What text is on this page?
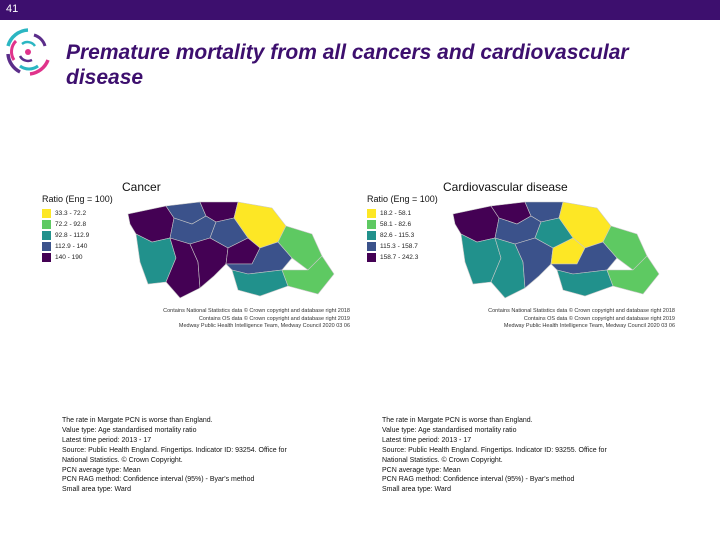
41
Premature mortality from all cancers and cardiovascular disease
Cancer
Ratio (Eng = 100)
33.3 - 72.2
72.2 - 92.8
92.8 - 112.9
112.9 - 140
140 - 190
Contains National Statistics data © Crown copyright and database right 2018
Contains OS data © Crown copyright and database right 2019
Medway Public Health Intelligence Team, Medway Council 2020 03 06
Cardiovascular disease
Ratio (Eng = 100)
18.2 - 58.1
58.1 - 82.6
82.6 - 115.3
115.3 - 158.7
158.7 - 242.3
Contains National Statistics data © Crown copyright and database right 2018
Contains OS data © Crown copyright and database right 2019
Medway Public Health Intelligence Team, Medway Council 2020 03 06
The rate in Margate PCN is worse than England.
Value type: Age standardised mortality ratio
Latest time period: 2013 - 17
Source: Public Health England. Fingertips. Indicator ID: 93254. Office for
National Statistics. © Crown Copyright.
PCN average type: Mean
PCN RAG method: Confidence interval (95%) - Byar's method
Small area type: Ward
The rate in Margate PCN is worse than England.
Value type: Age standardised mortality ratio
Latest time period: 2013 - 17
Source: Public Health England. Fingertips. Indicator ID: 93255. Office for
National Statistics. © Crown Copyright.
PCN average type: Mean
PCN RAG method: Confidence interval (95%) - Byar's method
Small area type: Ward
